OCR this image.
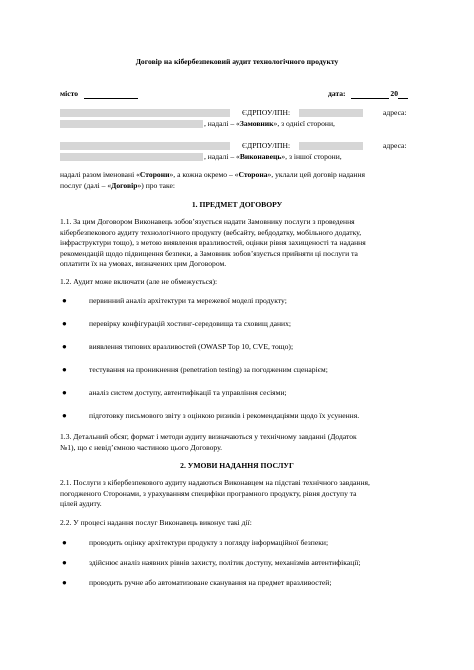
Договір на кібербезпековий аудит технологічного продукту
місто	дата:	20
ЄДРПОУ/ІПН:	адреса:
, надалі – «Замовник», з однієї сторони,
ЄДРПОУ/ІПН:	адреса:
, надалі – «Виконавець», з іншої сторони,
надалі разом іменовані «Сторони», а кожна окремо – «Сторона», уклали цей договір надання
послуг (далі – «Договір») про таке:
1. ПРЕДМЕТ ДОГОВОРУ
1.1. За цим Договором Виконавець зобов’язується надати Замовнику послуги з проведення
кібербезпекового аудиту технологічного продукту (вебсайту, вебдодатку, мобільного додатку,
інфраструктури тощо), з метою виявлення вразливостей, оцінки рівня захищеності та надання
рекомендацій щодо підвищення безпеки, а Замовник зобов’язується прийняти ці послуги та
оплатити їх на умовах, визначених цим Договором.
1.2. Аудит може включати (але не обмежується):
●	первинний аналіз архітектури та мережевої моделі продукту;
●	перевірку конфігурацій хостинг-середовища та сховищ даних;
●	виявлення типових вразливостей (OWASP Top 10, CVE, тощо);
●	тестування на проникнення (penetration testing) за погодженим сценарієм;
●	аналіз систем доступу, автентифікації та управління сесіями;
●	підготовку письмового звіту з оцінкою ризиків і рекомендаціями щодо їх усунення.
1.3. Детальний обсяг, формат і методи аудиту визначаються у технічному завданні (Додаток
№1), що є невід’ємною частиною цього Договору.
2. УМОВИ НАДАННЯ ПОСЛУГ
2.1. Послуги з кібербезпекового аудиту надаються Виконавцем на підставі технічного завдання,
погодженого Сторонами, з урахуванням специфіки програмного продукту, рівня доступу та
цілей аудиту.
2.2. У процесі надання послуг Виконавець виконує такі дії:
●	проводить оцінку архітектури продукту з погляду інформаційної безпеки;
●	здійснює аналіз наявних рівнів захисту, політик доступу, механізмів автентифікації;
●	проводить ручне або автоматизоване сканування на предмет вразливостей;
